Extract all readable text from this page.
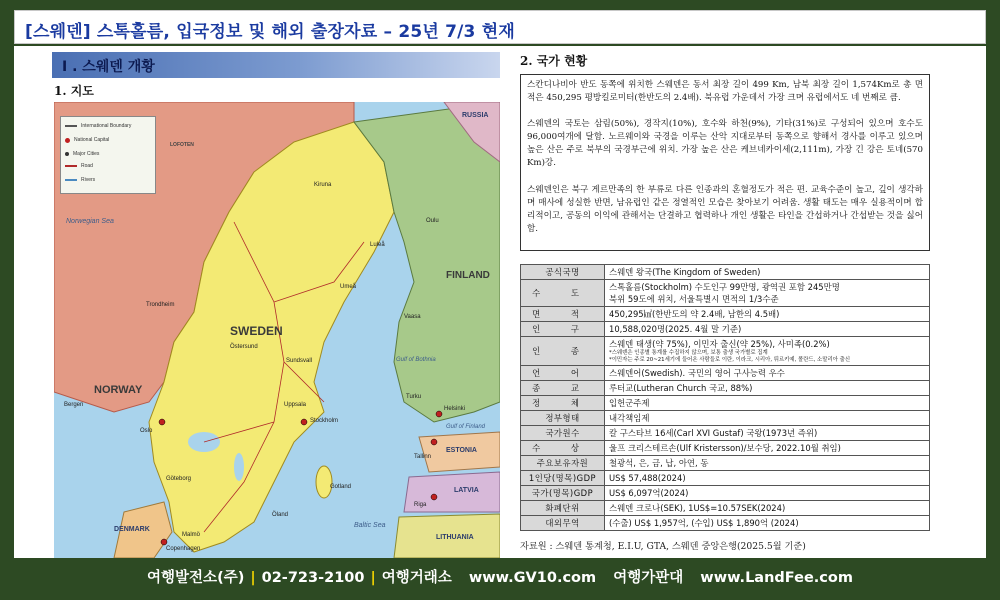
[스웨덴] 스톡홀름, 입국정보 및 해외 출장자료 – 25년 7/3 현재
I . 스웨덴 개황
1. 지도
International Boundary
National Capital
Major Cities
Road
Rivers
Norwegian Sea
SWEDEN
NORWAY
FINLAND
RUSSIA
ESTONIA
LATVIA
LITHUANIA
DENMARK
Gulf of Bothnia
Gulf of Finland
Baltic Sea
LOFOTEN
Stockholm
Oslo
Helsinki
Tallinn
Riga
Copenhagen
Gotland
Öland
Umeå
Luleå
Kiruna
Östersund
Sundsvall
Uppsala
Göteborg
Malmö
Trondheim
Bergen
Oulu
Vaasa
Turku
2. 국가 현황

스칸디나비아 반도 동쪽에 위치한 스웨덴은 동서 최장 길이 499 Km, 남북 최장 길이 1,574Km로 총 면적은 450,295 평방킬로미터(한반도의 2.4배). 북유럽 가운데서 가장 크며 유럽에서도 네 번째로 큼.

스웨덴의 국토는 삼림(50%), 경작지(10%), 호수와 하천(9%), 기타(31%)로 구성되어 있으며 호수도 96,000여개에 달함. 노르웨이와 국경을 이루는 산악 지대로부터 동쪽으로 향해서 경사를 이루고 있으며 높은 산은 주로 북부의 국경부근에 위치. 가장 높은 산은 케브네카이세(2,111m), 가장 긴 강은 토네(570 Km)강.

스웨덴인은 북구 게르만족의 한 부류로 다른 인종과의 혼혈정도가 적은 편. 교육수준이 높고, 깊이 생각하며 매사에 성실한 반면, 남유럽인 같은 정열적인 모습은 찾아보기 어려움. 생활 태도는 매우 실용적이며 합리적이고, 공동의 이익에 관해서는 단결하고 협력하나 개인 생활은 타인을 간섭하거나 간섭받는 것을 싫어함.

공식국명	스웨덴 왕국(The Kingdom of Sweden)
수 도	스톡홀름(Stockholm) 수도인구 99만명, 광역권 포함 245만명
북위 59도에 위치, 서울특별시 면적의 1/3수준

면 적	450,295㎢(한반도의 약 2.4배, 남한의 4.5배)
인 구	10,588,020명(2025. 4월 말 기준)
인 종	스웨덴 태생(약 75%), 이민자 출신(약 25%), 사미족(0.2%)
*스웨덴은 인종별 통계를 수집하지 않으며, 보통 출생 국가별로 집계
*이민자는 주로 20~21세기에 들어온 사람들로 이란, 이라크, 시리아, 튀르키예, 폴란드, 소말리아 출신

언 어	스웨덴어(Swedish). 국민의 영어 구사능력 우수
종 교	루터교(Lutheran Church 국교, 88%)
정 체	입헌군주제
정부형태	내각책임제
국가원수	칼 구스타브 16세(Carl XVI Gustaf) 국왕(1973년 즉위)
수 상	울프 크리스테르손(Ulf Kristersson)/보수당, 2022.10월 취임)
주요보유자원	철광석, 은, 금, 납, 아연, 동
1인당(명목)GDP	US$ 57,488(2024)
국가(명목)GDP	US$ 6,097억(2024)
화폐단위	스웨덴 크로나(SEK), 1US$=10.57SEK(2024)
대외무역	(수출) US$ 1,957억, (수입) US$ 1,890억 (2024)
자료원 : 스웨덴 통계청, E.I.U, GTA, 스웨덴 중앙은행(2025.5월 기준)
여행발전소(주) | 02-723-2100 | 여행거래소 www.GV10.com 여행가판대 www.LandFee.com
